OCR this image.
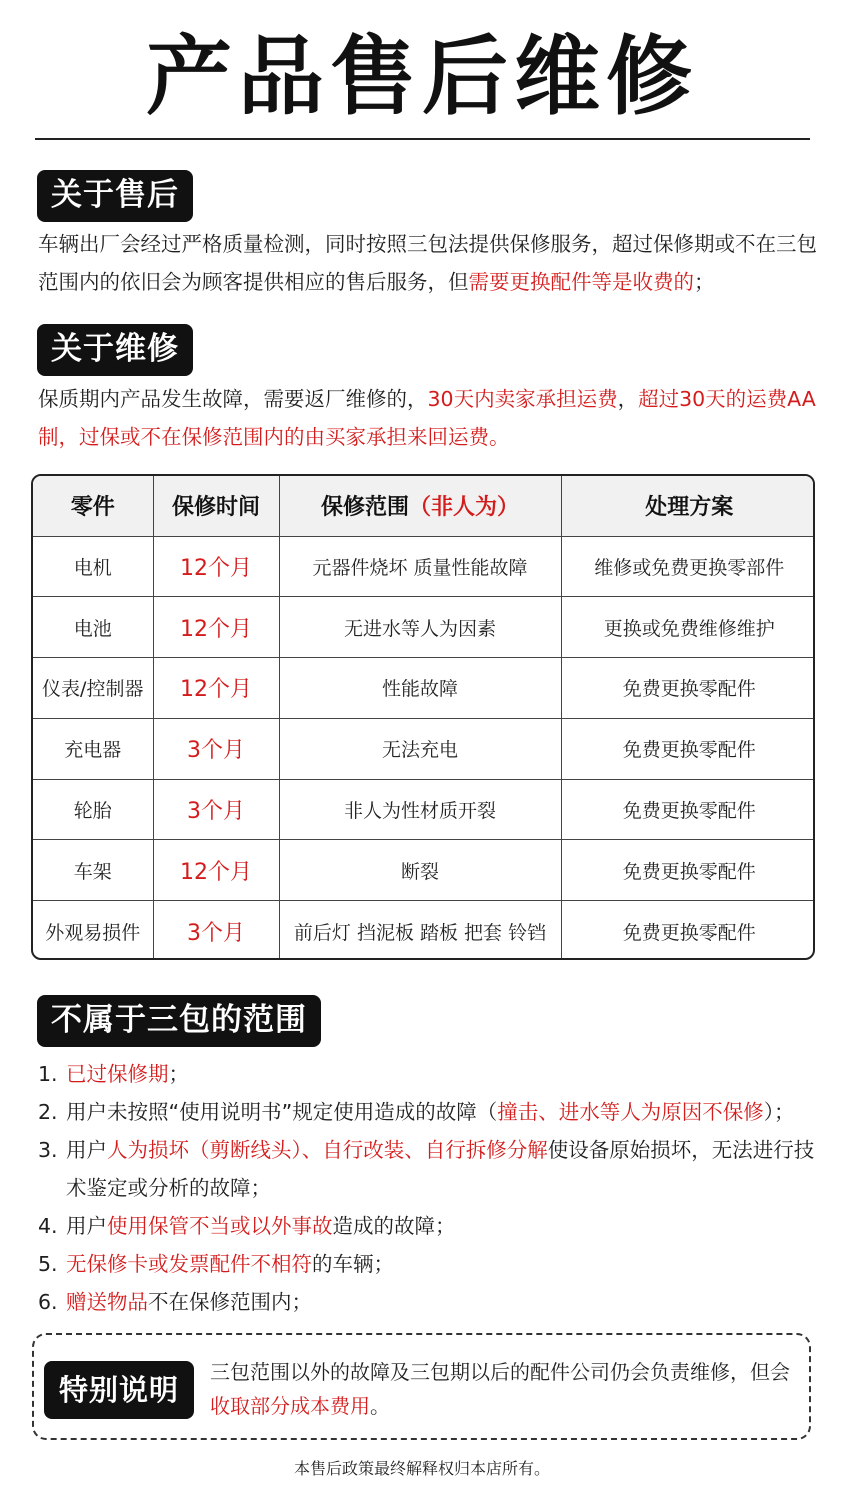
产品售后维修
关于售后

车辆出厂会经过严格质量检测，同时按照三包法提供保修服务，超过保修期或不在三包范围内的依旧会为顾客提供相应的售后服务，但需要更换配件等是收费的；

关于维修

保质期内产品发生故障，需要返厂维修的，30天内卖家承担运费，超过30天的运费AA制，过保或不在保修范围内的由买家承担来回运费。

零件	保修时间	保修范围（非人为）	处理方案
电机	12个月	元器件烧坏 质量性能故障	维修或免费更换零部件
电池	12个月	无进水等人为因素	更换或免费维修维护
仪表/控制器	12个月	性能故障	免费更换零配件
充电器	3个月	无法充电	免费更换零配件
轮胎	3个月	非人为性材质开裂	免费更换零配件
车架	12个月	断裂	免费更换零配件
外观易损件	3个月	前后灯 挡泥板 踏板 把套 铃铛	免费更换零配件
不属于三包的范围
1. 已过保修期；
2. 用户未按照“使用说明书”规定使用造成的故障（撞击、进水等人为原因不保修）；
3. 用户人为损坏（剪断线头）、自行改装、自行拆修分解使设备原始损坏，无法进行技术鉴定或分析的故障；
4. 用户使用保管不当或以外事故造成的故障；
5. 无保修卡或发票配件不相符的车辆；
6. 赠送物品不在保修范围内；
特别说明

三包范围以外的故障及三包期以后的配件公司仍会负责维修，但会收取部分成本费用。

本售后政策最终解释权归本店所有。
